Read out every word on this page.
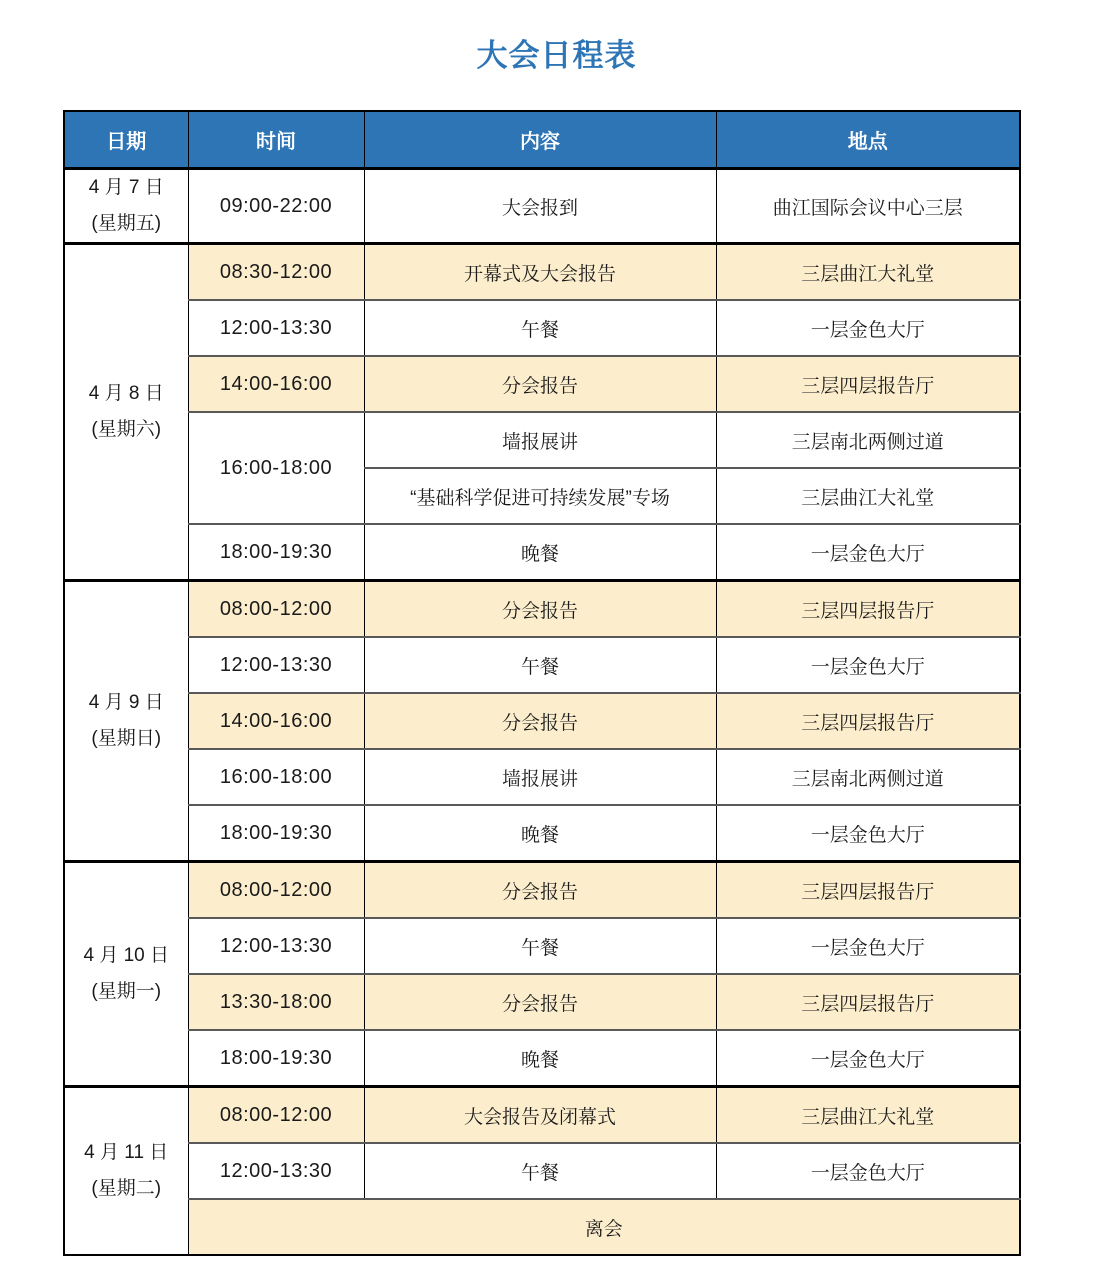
大会日程表
日期	时间	内容	地点

4 月 7 日
(星期五)	09:00-22:00	大会报到	曲江国际会议中心三层

4 月 8 日
(星期六)	08:30-12:00	开幕式及大会报告	三层曲江大礼堂
	12:00-13:30	午餐	一层金色大厅
	14:00-16:00	分会报告	三层四层报告厅
	16:00-18:00	墙报展讲	三层南北两侧过道
		“基础科学促进可持续发展”专场	三层曲江大礼堂
	18:00-19:30	晚餐	一层金色大厅

4 月 9 日
(星期日)	08:00-12:00	分会报告	三层四层报告厅
	12:00-13:30	午餐	一层金色大厅
	14:00-16:00	分会报告	三层四层报告厅
	16:00-18:00	墙报展讲	三层南北两侧过道
	18:00-19:30	晚餐	一层金色大厅

4 月 10 日
(星期一)	08:00-12:00	分会报告	三层四层报告厅
	12:00-13:30	午餐	一层金色大厅
	13:30-18:00	分会报告	三层四层报告厅
	18:00-19:30	晚餐	一层金色大厅

4 月 11 日
(星期二)	08:00-12:00	大会报告及闭幕式	三层曲江大礼堂
	12:00-13:30	午餐	一层金色大厅
	离会		
